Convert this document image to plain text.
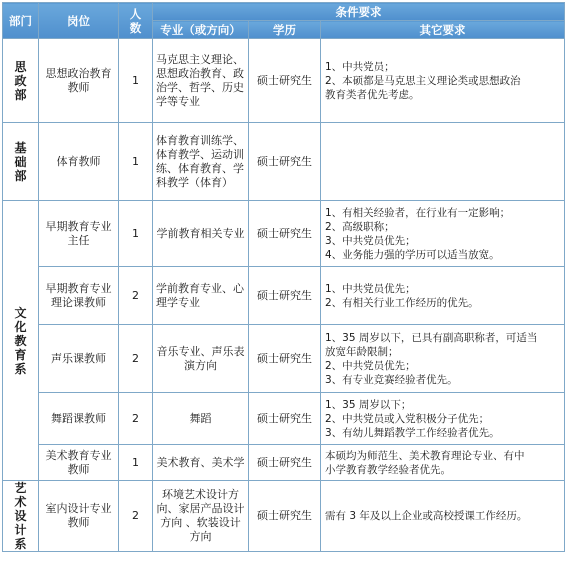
部门	岗位	人数	条件要求		
			专业（或方向）	学历	其它要求
思政部	思想政治教育教师	1	马克思主义理论、思想政治教育、政治学、哲学、历史学等专业	硕士研究生	1、中共党员；
2、本硕都是马克思主义理论类或思想政治
教育类者优先考虑。

基础部	体育教师	1	体育教育训练学、体育教学、运动训练、体育教育、学科教学（体育）	硕士研究生	
文化教育系	早期教育专业主任	1	学前教育相关专业	硕士研究生	1、有相关经验者，在行业有一定影响；
2、高级职称；
3、中共党员优先；
4、业务能力强的学历可以适当放宽。

	早期教育专业理论课教师	2	学前教育专业、心理学专业	硕士研究生	1、中共党员优先；
2、有相关行业工作经历的优先。

	声乐课教师	2	音乐专业、声乐表演方向	硕士研究生	1、35 周岁以下，已具有副高职称者，可适当
放宽年龄限制；
2、中共党员优先；
3、有专业竞赛经验者优先。

	舞蹈课教师	2	舞蹈	硕士研究生	1、35 周岁以下；
2、中共党员或入党积极分子优先；
3、有幼儿舞蹈教学工作经验者优先。

	美术教育专业教师	1	美术教育、美术学	硕士研究生	本硕均为师范生、美术教育理论专业、有中
小学教育教学经验者优先。

艺术设计系	室内设计专业教师	2	环境艺术设计方向、家居产品设计方向 、软装设计方向	硕士研究生	需有 3 年及以上企业或高校授课工作经历。
